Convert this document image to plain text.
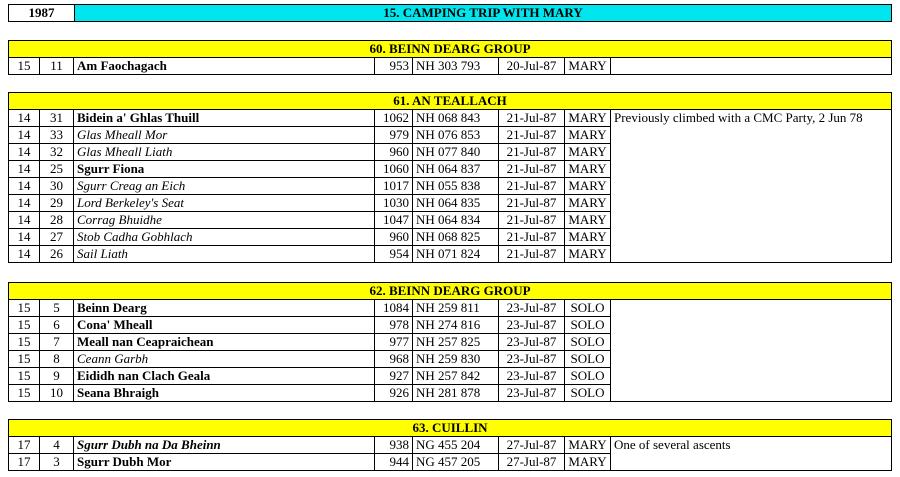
1987	15. CAMPING TRIP WITH MARY
60. BEINN DEARG GROUP
15	11	Am Faochagach	953	NH 303 793	20-Jul-87	MARY	
61. AN TEALLACH							
14	31	Bidein a' Ghlas Thuill	1062	NH 068 843	21-Jul-87	MARY	Previously climbed with a CMC Party, 2 Jun 78
14	33	Glas Mheall Mor	979	NH 076 853	21-Jul-87	MARY	
14	32	Glas Mheall Liath	960	NH 077 840	21-Jul-87	MARY	
14	25	Sgurr Fiona	1060	NH 064 837	21-Jul-87	MARY	
14	30	Sgurr Creag an Eich	1017	NH 055 838	21-Jul-87	MARY	
14	29	Lord Berkeley's Seat	1030	NH 064 835	21-Jul-87	MARY	
14	28	Corrag Bhuidhe	1047	NH 064 834	21-Jul-87	MARY	
14	27	Stob Cadha Gobhlach	960	NH 068 825	21-Jul-87	MARY	
14	26	Sail Liath	954	NH 071 824	21-Jul-87	MARY	
62. BEINN DEARG GROUP							
15	5	Beinn Dearg	1084	NH 259 811	23-Jul-87	SOLO	
15	6	Cona' Mheall	978	NH 274 816	23-Jul-87	SOLO	
15	7	Meall nan Ceapraichean	977	NH 257 825	23-Jul-87	SOLO	
15	8	Ceann Garbh	968	NH 259 830	23-Jul-87	SOLO	
15	9	Eididh nan Clach Geala	927	NH 257 842	23-Jul-87	SOLO	
15	10	Seana Bhraigh	926	NH 281 878	23-Jul-87	SOLO	
63. CUILLIN							
17	4	Sgurr Dubh na Da Bheinn	938	NG 455 204	27-Jul-87	MARY	One of several ascents
17	3	Sgurr Dubh Mor	944	NG 457 205	27-Jul-87	MARY	
